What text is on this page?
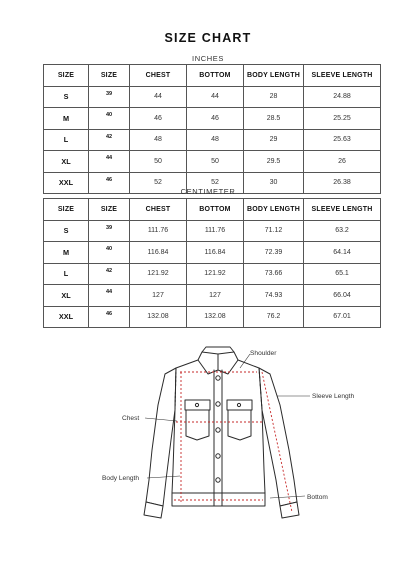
SIZE CHART
INCHES
SIZE	SIZE	CHEST	BOTTOM	BODY LENGTH	SLEEVE LENGTH
S	39	44	44	28	24.88
M	40	46	46	28.5	25.25
L	42	48	48	29	25.63
XL	44	50	50	29.5	26
XXL	46	52	52	30	26.38
CENTIMETER
SIZE	SIZE	CHEST	BOTTOM	BODY LENGTH	SLEEVE LENGTH
S	39	111.76	111.76	71.12	63.2
M	40	116.84	116.84	72.39	64.14
L	42	121.92	121.92	73.66	65.1
XL	44	127	127	74.93	66.04
XXL	46	132.08	132.08	76.2	67.01
Shoulder
Sleeve Length
Chest
Body Length
Bottom
